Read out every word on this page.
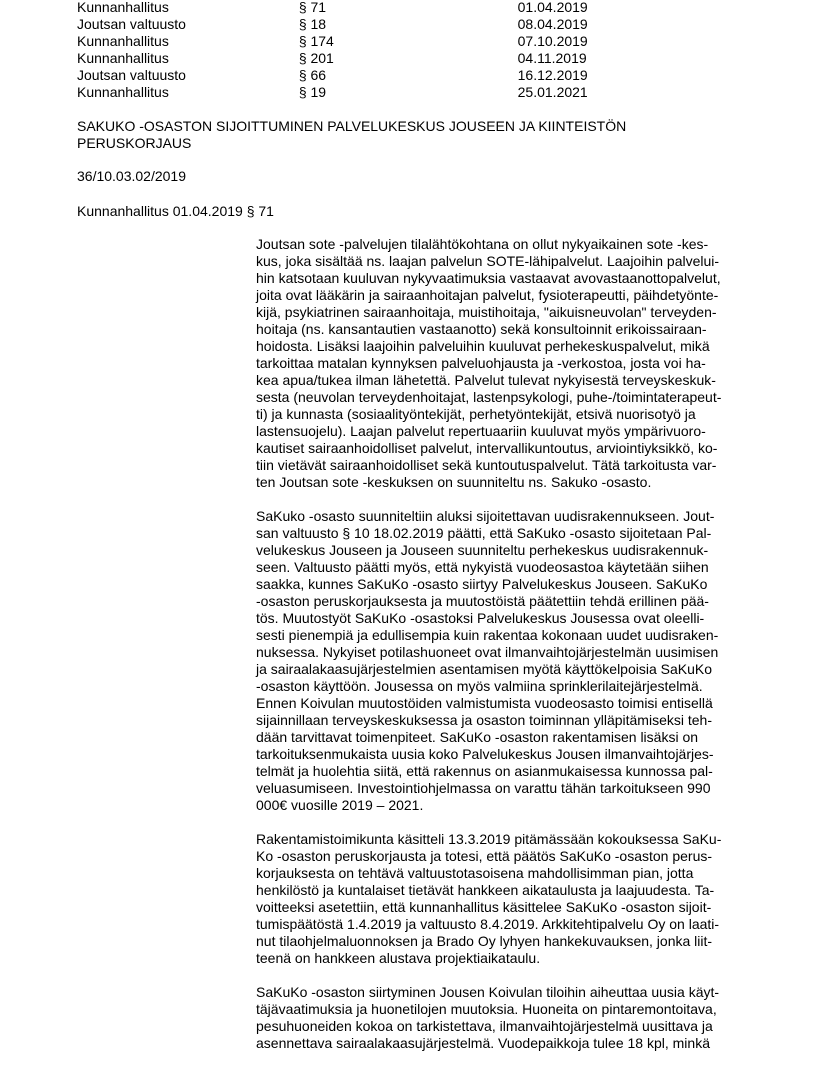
Kunnanhallitus	§ 71	01.04.2019
Joutsan valtuusto	§ 18	08.04.2019
Kunnanhallitus	§ 174	07.10.2019
Kunnanhallitus	§ 201	04.11.2019
Joutsan valtuusto	§ 66	16.12.2019
Kunnanhallitus	§ 19	25.01.2021
SAKUKO -OSASTON SIJOITTUMINEN PALVELUKESKUS JOUSEEN JA KIINTEISTÖN PERUSKORJAUS
36/10.03.02/2019
Kunnanhallitus 01.04.2019 § 71

Joutsan sote -palvelujen tilalähtökohtana on ollut nykyaikainen sote -kes-
kus, joka sisältää ns. laajan palvelun SOTE-lähipalvelut. Laajoihin palvelui-
hin katsotaan kuuluvan nykyvaatimuksia vastaavat avovastaanottopalvelut,
joita ovat lääkärin ja sairaanhoitajan palvelut, fysioterapeutti, päihdetyönte-
kijä, psykiatrinen sairaanhoitaja, muistihoitaja, "aikuisneuvolan" terveyden-
hoitaja (ns. kansantautien vastaanotto) sekä konsultoinnit erikoissairaan-
hoidosta. Lisäksi laajoihin palveluihin kuuluvat perhekeskuspalvelut, mikä
tarkoittaa matalan kynnyksen palveluohjausta ja -verkostoa, josta voi ha-
kea apua/tukea ilman lähetettä. Palvelut tulevat nykyisestä terveyskeskuk-
sesta (neuvolan terveydenhoitajat, lastenpsykologi, puhe-/toimintaterapeut-
ti) ja kunnasta (sosiaalityöntekijät, perhetyöntekijät, etsivä nuorisotyö ja
lastensuojelu). Laajan palvelut repertuaariin kuuluvat myös ympärivuoro-
kautiset sairaanhoidolliset palvelut, intervallikuntoutus, arviointiyksikkö, ko-
tiin vietävät sairaanhoidolliset sekä kuntoutuspalvelut. Tätä tarkoitusta var-
ten Joutsan sote -keskuksen on suunniteltu ns. Sakuko -osasto.

SaKuko -osasto suunniteltiin aluksi sijoitettavan uudisrakennukseen. Jout-
san valtuusto § 10 18.02.2019 päätti, että SaKuko -osasto sijoitetaan Pal-
velukeskus Jouseen ja Jouseen suunniteltu perhekeskus uudisrakennuk-
seen. Valtuusto päätti myös, että nykyistä vuodeosastoa käytetään siihen
saakka, kunnes SaKuKo -osasto siirtyy Palvelukeskus Jouseen. SaKuKo
-osaston peruskorjauksesta ja muutostöistä päätettiin tehdä erillinen pää-
tös. Muutostyöt SaKuKo -osastoksi Palvelukeskus Jousessa ovat oleelli-
sesti pienempiä ja edullisempia kuin rakentaa kokonaan uudet uudisraken-
nuksessa. Nykyiset potilashuoneet ovat ilmanvaihtojärjestelmän uusimisen
ja sairaalakaasujärjestelmien asentamisen myötä käyttökelpoisia SaKuKo
-osaston käyttöön. Jousessa on myös valmiina sprinklerilaitejärjestelmä.
Ennen Koivulan muutostöiden valmistumista vuodeosasto toimisi entisellä
sijainnillaan terveyskeskuksessa ja osaston toiminnan ylläpitämiseksi teh-
dään tarvittavat toimenpiteet. SaKuKo -osaston rakentamisen lisäksi on
tarkoituksenmukaista uusia koko Palvelukeskus Jousen ilmanvaihtojärjes-
telmät ja huolehtia siitä, että rakennus on asianmukaisessa kunnossa pal-
veluasumiseen. Investointiohjelmassa on varattu tähän tarkoitukseen 990
000€ vuosille 2019 – 2021.

Rakentamistoimikunta käsitteli 13.3.2019 pitämässään kokouksessa SaKu-
Ko -osaston peruskorjausta ja totesi, että päätös SaKuKo -osaston perus-
korjauksesta on tehtävä valtuustotasoisena mahdollisimman pian, jotta
henkilöstö ja kuntalaiset tietävät hankkeen aikataulusta ja laajuudesta. Ta-
voitteeksi asetettiin, että kunnanhallitus käsittelee SaKuKo -osaston sijoit-
tumispäätöstä 1.4.2019 ja valtuusto 8.4.2019. Arkkitehtipalvelu Oy on laati-
nut tilaohjelmaluonnoksen ja Brado Oy lyhyen hankekuvauksen, jonka liit-
teenä on hankkeen alustava projektiaikataulu.

SaKuKo -osaston siirtyminen Jousen Koivulan tiloihin aiheuttaa uusia käyt-
täjävaatimuksia ja huonetilojen muutoksia. Huoneita on pintaremontoitava,
pesuhuoneiden kokoa on tarkistettava, ilmanvaihtojärjestelmä uusittava ja
asennettava sairaalakaasujärjestelmä. Vuodepaikkoja tulee 18 kpl, minkä
